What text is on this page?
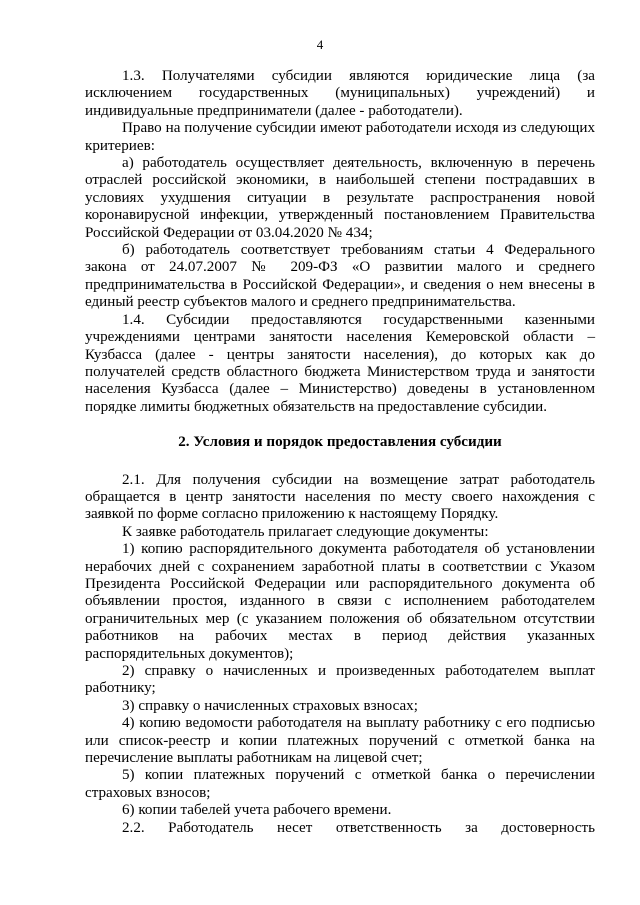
4

1.3. Получателями субсидии являются юридические лица (за исключением государственных (муниципальных) учреждений) и индивидуальные предприниматели (далее - работодатели).

Право на получение субсидии имеют работодатели исходя из следующих критериев:

а) работодатель осуществляет деятельность, включенную в перечень отраслей российской экономики, в наибольшей степени пострадавших в условиях ухудшения ситуации в результате распространения новой коронавирусной инфекции, утвержденный постановлением Правительства Российской Федерации от 03.04.2020 № 434;

б) работодатель соответствует требованиям статьи 4 Федерального закона от 24.07.2007 № 209-ФЗ «О развитии малого и среднего предпринимательства в Российской Федерации», и сведения о нем внесены в единый реестр субъектов малого и среднего предпринимательства.

1.4. Субсидии предоставляются государственными казенными учреждениями центрами занятости населения Кемеровской области – Кузбасса (далее - центры занятости населения), до которых как до получателей средств областного бюджета Министерством труда и занятости населения Кузбасса (далее – Министерство) доведены в установленном порядке лимиты бюджетных обязательств на предоставление субсидии.

2. Условия и порядок предоставления субсидии

2.1. Для получения субсидии на возмещение затрат работодатель обращается в центр занятости населения по месту своего нахождения с заявкой по форме согласно приложению к настоящему Порядку.

К заявке работодатель прилагает следующие документы:

1) копию распорядительного документа работодателя об установлении нерабочих дней с сохранением заработной платы в соответствии с Указом Президента Российской Федерации или распорядительного документа об объявлении простоя, изданного в связи с исполнением работодателем ограничительных мер (с указанием положения об обязательном отсутствии работников на рабочих местах в период действия указанных распорядительных документов);

2) справку о начисленных и произведенных работодателем выплат работнику;

3) справку о начисленных страховых взносах;

4) копию ведомости работодателя на выплату работнику с его подписью или список-реестр и копии платежных поручений с отметкой банка на перечисление выплаты работникам на лицевой счет;

5) копии платежных поручений с отметкой банка о перечислении страховых взносов;

6) копии табелей учета рабочего времени.

2.2. Работодатель несет ответственность за достоверность
